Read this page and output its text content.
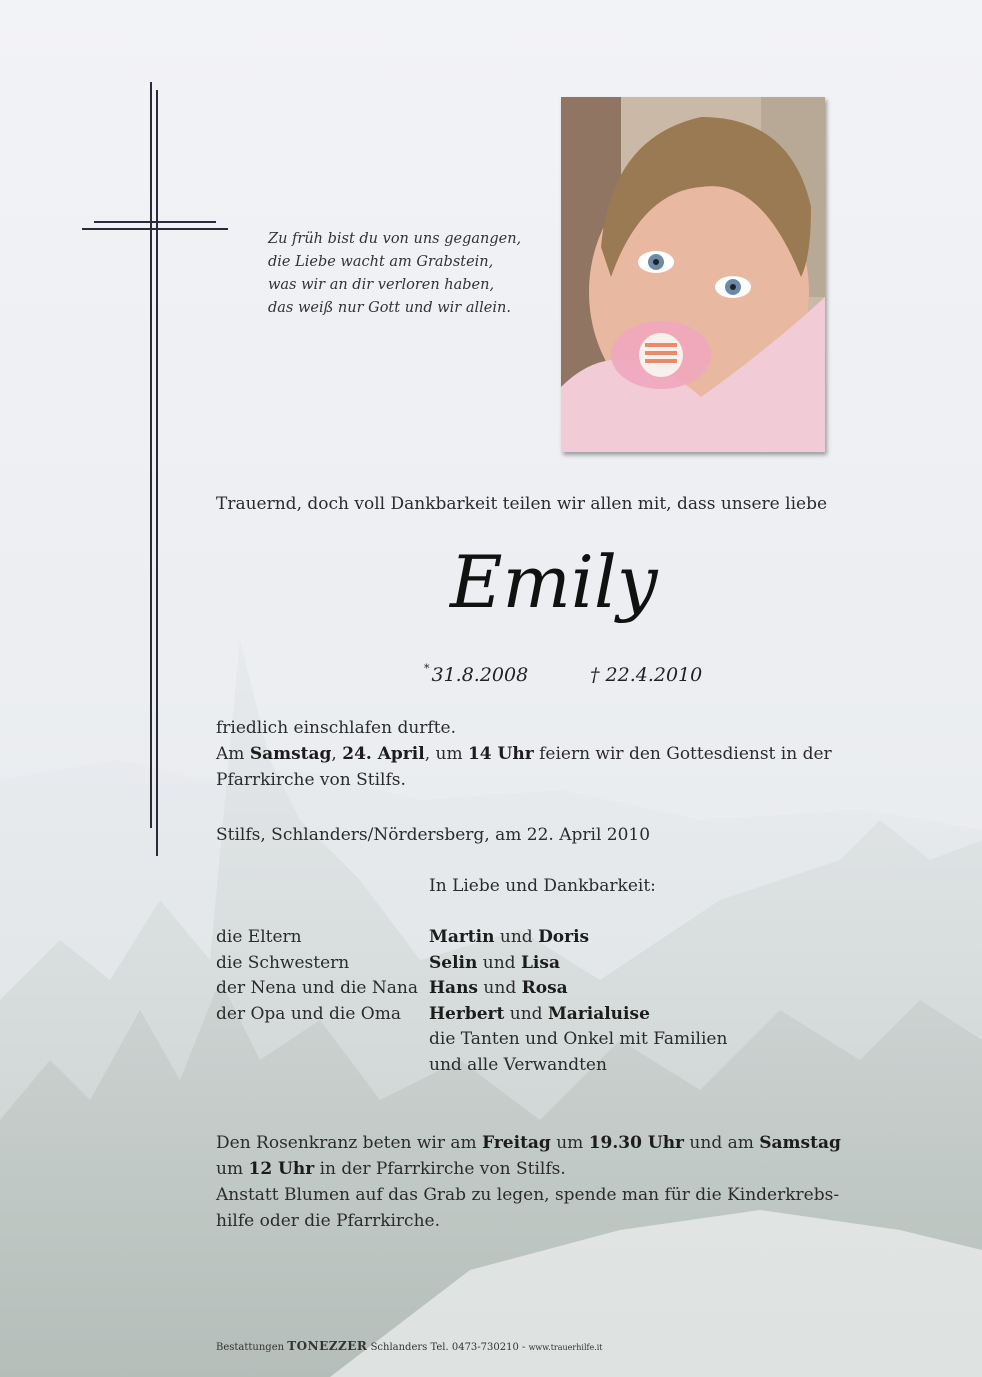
Zu früh bist du von uns gegangen,
die Liebe wacht am Grabstein,
was wir an dir verloren haben,
das weiß nur Gott und wir allein.
Trauernd, doch voll Dankbarkeit teilen wir allen mit, dass unsere liebe
Emily
* 31.8.2008	† 22.4.2010
friedlich einschlafen durfte.
Am Samstag, 24. April, um 14 Uhr feiern wir den Gottesdienst in der
Pfarrkirche von Stilfs.
Stilfs, Schlanders/Nördersberg, am 22. April 2010
In Liebe und Dankbarkeit:
die Eltern
die Schwestern
der Nena und die Nana
der Opa und die Oma
Martin und Doris
Selin und Lisa
Hans und Rosa
Herbert und Marialuise
die Tanten und Onkel mit Familien
und alle Verwandten
Den Rosenkranz beten wir am Freitag um 19.30 Uhr und am Samstag
um 12 Uhr in der Pfarrkirche von Stilfs.
Anstatt Blumen auf das Grab zu legen, spende man für die Kinderkrebs-
hilfe oder die Pfarrkirche.
Bestattungen TONEZZER Schlanders Tel. 0473-730210 - www.trauerhilfe.it
